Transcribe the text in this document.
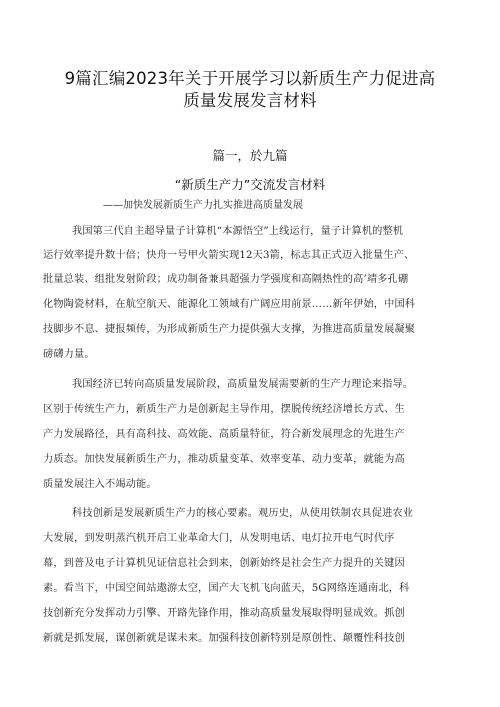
9篇汇编2023年关于开展学习以新质生产力促进高
质量发展发言材料
篇一，於九篇
“新质生产力”交流发言材料
——加快发展新质生产力扎实推进高质量发展
我国第三代自主超导量子计算机“本源悟空”上线运行，量子计算机的整机
运行效率提升数十倍；快舟一号甲火箭实现12天3箭，标志其正式迈入批量生产、
批量总装、组批发射阶段；成功制备兼具超强力学强度和高隔热性的高’靖多孔硼
化物陶瓷材料，在航空航天、能源化工领域有广阔应用前景……新年伊始，中国科
技脚步不息、捷报频传，为形成新质生产力提供强大支撑，为推进高质量发展凝聚
磅礴力量。
我国经济已转向高质量发展阶段，高质量发展需要新的生产力理论来指导。
区别于传统生产力，新质生产力是创新起主导作用，摆脱传统经济增长方式、生
产力发展路径，具有高科技、高效能、高质量特征，符合新发展理念的先进生产
力质态。加快发展新质生产力，推动质量变革、效率变革、动力变革，就能为高
质量发展注入不竭动能。
科技创新是发展新质生产力的核心要素。观历史，从使用铁制农具促进农业
大发展，到发明蒸汽机开启工业革命大门，从发明电话、电灯拉开电气时代序
幕，到普及电子计算机见证信息社会到来，创新始终是社会生产力提升的关键因
素。看当下，中国空间站遨游太空，国产大飞机飞向蓝天，5G网络连通南北，科
技创新充分发挥动力引擎、开路先锋作用，推动高质量发展取得明显成效。抓创
新就是抓发展，谋创新就是谋未来。加强科技创新特别是原创性、颠覆性科技创
